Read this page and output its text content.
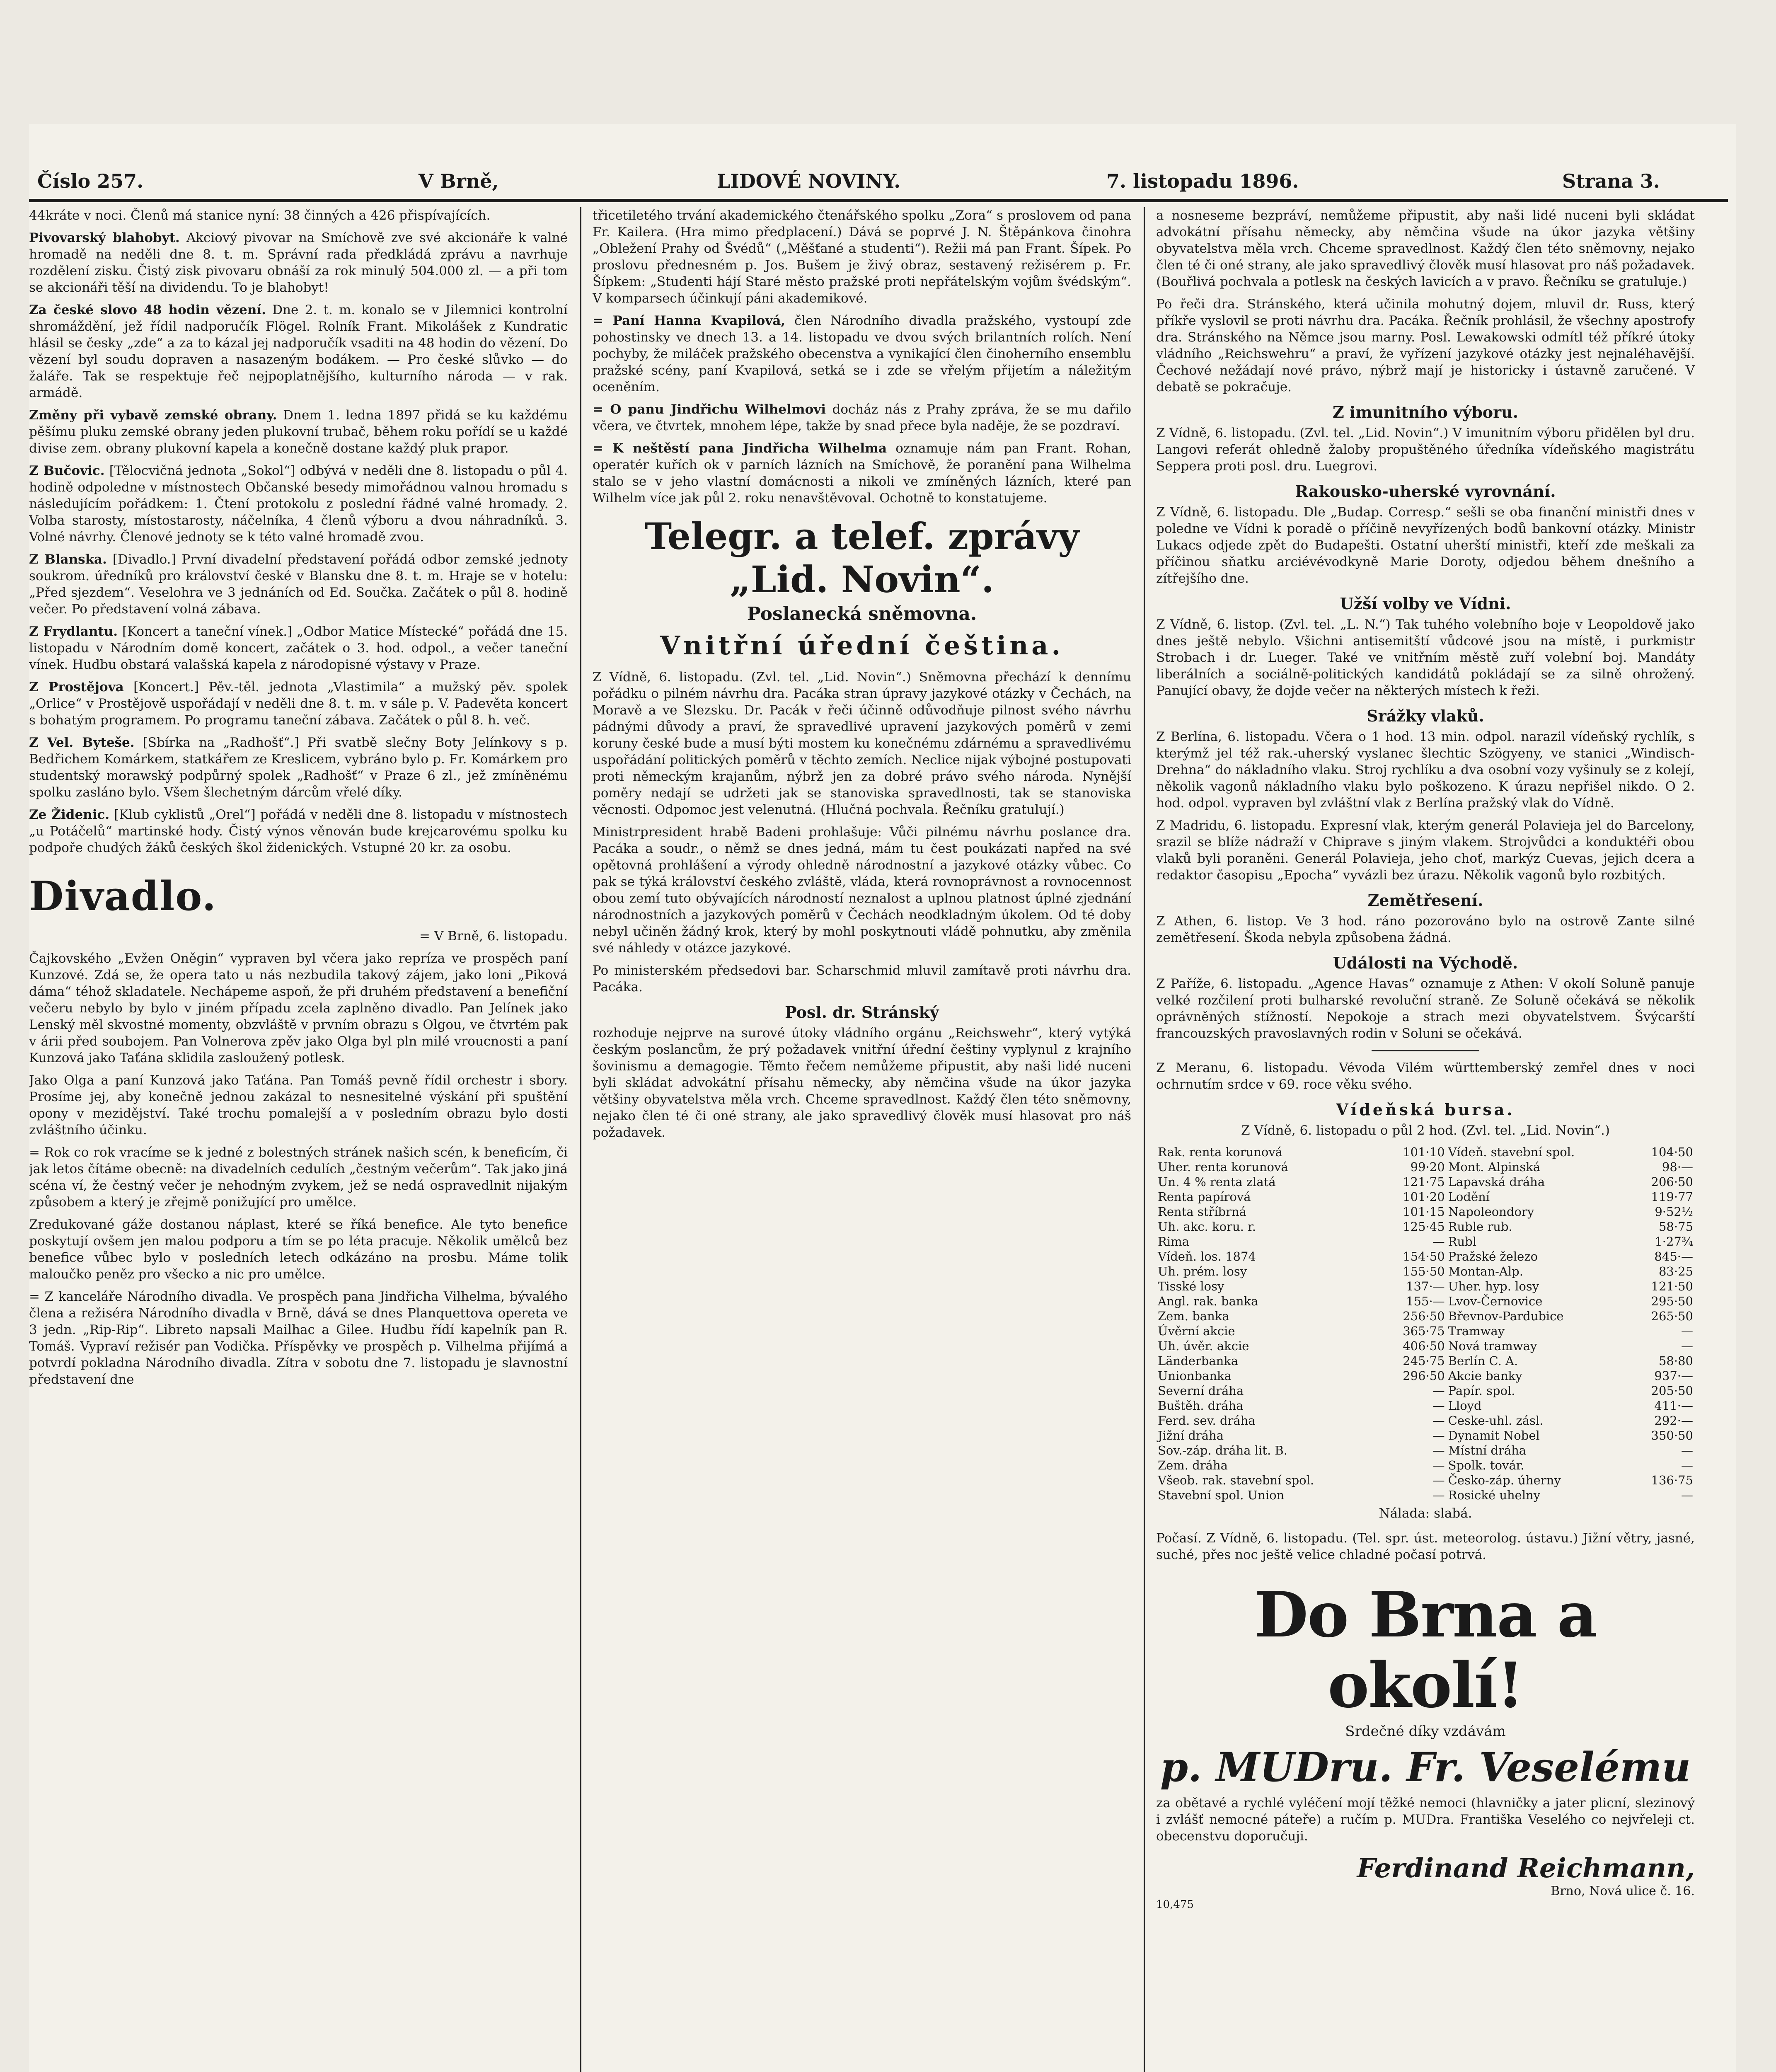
Číslo 257.	V Brně,	LIDOVÉ NOVINY.	7. listopadu 1896.	Strana 3.

44kráte v noci. Členů má stanice nyní: 38 činných a 426 přispívajících.

Pivovarský blahobyt. Akciový pivovar na Smíchově zve své akcionáře k valné hromadě na neděli dne 8. t. m. Správní rada předkládá zprávu a navrhuje rozdělení zisku. Čistý zisk pivovaru obnáší za rok minulý 504.000 zl. — a při tom se akcionáři těší na dividendu. To je blahobyt!

Za české slovo 48 hodin vězení. Dne 2. t. m. konalo se v Jilemnici kontrolní shromáždění, jež řídil nadporučík Flögel. Rolník Frant. Mikolášek z Kundratic hlásil se česky „zde“ a za to kázal jej nadporučík vsaditi na 48 hodin do vězení. Do vězení byl soudu dopraven a nasazeným bodákem. — Pro české slůvko — do žaláře. Tak se respektuje řeč nejpoplatnějšího, kulturního národa — v rak. armádě.

Změny při vybavě zemské obrany. Dnem 1. ledna 1897 přidá se ku každému pěšímu pluku zemské obrany jeden plukovní trubač, během roku pořídí se u každé divise zem. obrany plukovní kapela a konečně dostane každý pluk prapor.

Z Bučovic. [Tělocvičná jednota „Sokol“] odbývá v neděli dne 8. listopadu o půl 4. hodině odpoledne v místnostech Občanské besedy mimořádnou valnou hromadu s následujícím pořádkem: 1. Čtení protokolu z poslední řádné valné hromady. 2. Volba starosty, místostarosty, náčelníka, 4 členů výboru a dvou náhradníků. 3. Volné návrhy. Členové jednoty se k této valné hromadě zvou.

Z Blanska. [Divadlo.] První divadelní představení pořádá odbor zemské jednoty soukrom. úředníků pro království české v Blansku dne 8. t. m. Hraje se v hotelu: „Před sjezdem“. Veselohra ve 3 jednáních od Ed. Součka. Začátek o půl 8. hodině večer. Po představení volná zábava.

Z Frydlantu. [Koncert a taneční vínek.] „Odbor Matice Místecké“ pořádá dne 15. listopadu v Národním domě koncert, začátek o 3. hod. odpol., a večer taneční vínek. Hudbu obstará valašská kapela z národopisné výstavy v Praze.

Z Prostějova [Koncert.] Pěv.-těl. jednota „Vlastimila“ a mužský pěv. spolek „Orlice“ v Prostějově uspořádají v neděli dne 8. t. m. v sále p. V. Padevěta koncert s bohatým programem. Po programu taneční zábava. Začátek o půl 8. h. več.

Z Vel. Byteše. [Sbírka na „Radhošť“.] Při svatbě slečny Boty Jelínkovy s p. Bedřichem Komárkem, statkářem ze Kreslicem, vybráno bylo p. Fr. Komárkem pro studentský morawský podpůrný spolek „Radhošť“ v Praze 6 zl., jež zmíněnému spolku zasláno bylo. Všem šlechetným dárcům vřelé díky.

Ze Židenic. [Klub cyklistů „Orel“] pořádá v neděli dne 8. listopadu v místnostech „u Potáčelů“ martinské hody. Čistý výnos věnován bude krejcarovému spolku ku podpoře chudých žáků českých škol židenických. Vstupné 20 kr. za osobu.

Divadlo.

= V Brně, 6. listopadu.

Čajkovského „Evžen Oněgin“ vypraven byl včera jako repríza ve prospěch paní Kunzové. Zdá se, že opera tato u nás nezbudila takový zájem, jako loni „Piková dáma“ téhož skladatele. Nechápeme aspoň, že při druhém představení a benefiční večeru nebylo by bylo v jiném případu zcela zaplněno divadlo. Pan Jelínek jako Lenský měl skvostné momenty, obzvláště v prvním obrazu s Olgou, ve čtvrtém pak v árii před soubojem. Pan Volnerova zpěv jako Olga byl pln milé vroucnosti a paní Kunzová jako Taťána sklidila zasloužený potlesk.

Jako Olga a paní Kunzová jako Taťána. Pan Tomáš pevně řídil orchestr i sbory. Prosíme jej, aby konečně jednou zakázal to nesnesitelné výskání při spuštění opony v mezidějství. Také trochu pomalejší a v posledním obrazu bylo dosti zvláštního účinku.

= Rok co rok vracíme se k jedné z bolestných stránek našich scén, k beneficím, či jak letos čítáme obecně: na divadelních cedulích „čestným večerům“. Tak jako jiná scéna ví, že čestný večer je nehodným zvykem, jež se nedá ospravedlnit nijakým způsobem a který je zřejmě ponižující pro umělce.

Zredukované gáže dostanou náplast, které se říká benefice. Ale tyto benefice poskytují ovšem jen malou podporu a tím se po léta pracuje. Několik umělců bez benefice vůbec bylo v posledních letech odkázáno na prosbu. Máme tolik maloučko peněz pro všecko a nic pro umělce.

= Z kanceláře Národního divadla. Ve prospěch pana Jindřicha Vilhelma, bývalého člena a režiséra Národního divadla v Brně, dává se dnes Planquettova opereta ve 3 jedn. „Rip-Rip“. Libreto napsali Mailhac a Gilee. Hudbu řídí kapelník pan R. Tomáš. Vypraví režisér pan Vodička. Příspěvky ve prospěch p. Vilhelma přijímá a potvrdí pokladna Národního divadla. Zítra v sobotu dne 7. listopadu je slavnostní představení dne

třicetiletého trvání akademického čtenářského spolku „Zora“ s proslovem od pana Fr. Kailera. (Hra mimo předplacení.) Dává se poprvé J. N. Štěpánkova činohra „Obležení Prahy od Švédů“ („Měšťané a studenti“). Režii má pan Frant. Šípek. Po proslovu přednesném p. Jos. Bušem je živý obraz, sestavený režisérem p. Fr. Šípkem: „Studenti hájí Staré město pražské proti nepřátelským vojům švédským“. V komparsech účinkují páni akademikové.

= Paní Hanna Kvapilová, člen Národního divadla pražského, vystoupí zde pohostinsky ve dnech 13. a 14. listopadu ve dvou svých brilantních rolích. Není pochyby, že miláček pražského obecenstva a vynikající člen činoherního ensemblu pražské scény, paní Kvapilová, setká se i zde se vřelým přijetím a náležitým oceněním.

= O panu Jindřichu Wilhelmovi docház nás z Prahy zpráva, že se mu dařilo včera, ve čtvrtek, mnohem lépe, takže by snad přece byla naděje, že se pozdraví.

= K neštěstí pana Jindřicha Wilhelma oznamuje nám pan Frant. Rohan, operatér kuřích ok v parních lázních na Smíchově, že poranění pana Wilhelma stalo se v jeho vlastní domácnosti a nikoli ve zmíněných lázních, které pan Wilhelm více jak půl 2. roku nenavštěvoval. Ochotně to konstatujeme.

Telegr. a telef. zprávy „Lid. Novin“.
Poslanecká sněmovna.
Vnitřní úřední čeština.

Z Vídně, 6. listopadu. (Zvl. tel. „Lid. Novin“.) Sněmovna přechází k dennímu pořádku o pilném návrhu dra. Pacáka stran úpravy jazykové otázky v Čechách, na Moravě a ve Slezsku. Dr. Pacák v řeči účinně odůvodňuje pilnost svého návrhu pádnými důvody a praví, že spravedlivé upravení jazykových poměrů v zemi koruny české bude a musí býti mostem ku konečnému zdárnému a spravedlivému uspořádání politických poměrů v těchto zemích. Neclice nijak výbojné postupovati proti německým krajanům, nýbrž jen za dobré právo svého národa. Nynější poměry nedají se udržeti jak se stanoviska spravedlnosti, tak se stanoviska věcnosti. Odpomoc jest velenutná. (Hlučná pochvala. Řečníku gratulují.)

Ministrpresident hrabě Badeni prohlašuje: Vůči pilnému návrhu poslance dra. Pacáka a soudr., o němž se dnes jedná, mám tu čest poukázati napřed na své opětovná prohlášení a výrody ohledně národnostní a jazykové otázky vůbec. Co pak se týká království českého zvláště, vláda, která rovnoprávnost a rovnocennost obou zemí tuto obývajících národností neznalost a uplnou platnost úplné zjednání národnostních a jazykových poměrů v Čechách neodkladným úkolem. Od té doby nebyl učiněn žádný krok, který by mohl poskytnouti vládě pohnutku, aby změnila své náhledy v otázce jazykové.

Po ministerském předsedovi bar. Scharschmid mluvil zamítavě proti návrhu dra. Pacáka.

Posl. dr. Stránský

rozhoduje nejprve na surové útoky vládního orgánu „Reichswehr“, který vytýká českým poslancům, že prý požadavek vnitřní úřední češtiny vyplynul z krajního šovinismu a demagogie. Těmto řečem nemůžeme připustit, aby naši lidé nuceni byli skládat advokátní přísahu německy, aby němčina všude na úkor jazyka většiny obyvatelstva měla vrch. Chceme spravedlnost. Každý člen této sněmovny, nejako člen té či oné strany, ale jako spravedlivý člověk musí hlasovat pro náš požadavek.

a nosneseme bezpráví, nemůžeme připustit, aby naši lidé nuceni byli skládat advokátní přísahu německy, aby němčina všude na úkor jazyka většiny obyvatelstva měla vrch. Chceme spravedlnost. Každý člen této sněmovny, nejako člen té či oné strany, ale jako spravedlivý člověk musí hlasovat pro náš požadavek. (Bouřlivá pochvala a potlesk na českých lavicích a v pravo. Řečníku se gratuluje.)

Po řeči dra. Stránského, která učinila mohutný dojem, mluvil dr. Russ, který příkře vyslovil se proti návrhu dra. Pacáka. Řečník prohlásil, že všechny apostrofy dra. Stránského na Němce jsou marny. Posl. Lewakowski odmítl též příkré útoky vládního „Reichswehru“ a praví, že vyřízení jazykové otázky jest nejnaléhavější. Čechové nežádají nové právo, nýbrž mají je historicky i ústavně zaručené. V debatě se pokračuje.

Z imunitního výboru.

Z Vídně, 6. listopadu. (Zvl. tel. „Lid. Novin“.) V imunitním výboru přidělen byl dru. Langovi referát ohledně žaloby propuštěného úředníka vídeňského magistrátu Seppera proti posl. dru. Luegrovi.

Rakousko-uherské vyrovnání.

Z Vídně, 6. listopadu. Dle „Budap. Corresp.“ sešli se oba finanční ministři dnes v poledne ve Vídni k poradě o příčině nevyřízených bodů bankovní otázky. Ministr Lukacs odjede zpět do Budapešti. Ostatní uherští ministři, kteří zde meškali za příčinou sňatku arciévévodkyně Marie Doroty, odjedou během dnešního a zítřejšího dne.

Užší volby ve Vídni.

Z Vídně, 6. listop. (Zvl. tel. „L. N.“) Tak tuhého volebního boje v Leopoldově jako dnes ještě nebylo. Všichni antisemitští vůdcové jsou na místě, i purkmistr Strobach i dr. Lueger. Také ve vnitřním městě zuří volební boj. Mandáty liberálních a sociálně-politických kandidátů pokládají se za silně ohrožený. Panující obavy, že dojde večer na některých místech k řeži.

Srážky vlaků.

Z Berlína, 6. listopadu. Včera o 1 hod. 13 min. odpol. narazil vídeňský rychlík, s kterýmž jel též rak.-uherský vyslanec šlechtic Szögyeny, ve stanici „Windisch-Drehna“ do nákladního vlaku. Stroj rychlíku a dva osobní vozy vyšinuly se z kolejí, několik vagonů nákladního vlaku bylo poškozeno. K úrazu nepřišel nikdo. O 2. hod. odpol. vypraven byl zvláštní vlak z Berlína pražský vlak do Vídně.

Z Madridu, 6. listopadu. Expresní vlak, kterým generál Polavieja jel do Barcelony, srazil se blíže nádraží v Chiprave s jiným vlakem. Strojvůdci a konduktéři obou vlaků byli poraněni. Generál Polavieja, jeho choť, markýz Cuevas, jejich dcera a redaktor časopisu „Epocha“ vyvázli bez úrazu. Několik vagonů bylo rozbitých.

Zemětřesení.

Z Athen, 6. listop. Ve 3 hod. ráno pozorováno bylo na ostrově Zante silné zemětřesení. Škoda nebyla způsobena žádná.

Události na Východě.

Z Paříže, 6. listopadu. „Agence Havas“ oznamuje z Athen: V okolí Soluně panuje velké rozčilení proti bulharské revoluční straně. Ze Soluně očekává se několik oprávněných stížností. Nepokoje a strach mezi obyvatelstvem. Švýcarští francouzských pravoslavných rodin v Soluni se očekává.

Z Meranu, 6. listopadu. Vévoda Vilém württemberský zemřel dnes v noci ochrnutím srdce v 69. roce věku svého.

Vídeňská bursa.

Z Vídně, 6. listopadu o půl 2 hod. (Zvl. tel. „Lid. Novin“.)

Rak. renta korunová	101·10	Vídeň. stavební spol.	104·50
Uher. renta korunová	99·20	Mont. Alpinská	98·—
Un. 4 % renta zlatá	121·75	Lapavská dráha	206·50
Renta papírová	101·20	Lodění	119·77
Renta stříbrná	101·15	Napoleondory	9·52½
Uh. akc. koru. r.	125·45	Ruble rub.	58·75
Rima	—	Rubl	1·27¾
Vídeň. los. 1874	154·50	Pražské železo	845·—
Uh. prém. losy	155·50	Montan-Alp.	83·25
Tisské losy	137·—	Uher. hyp. losy	121·50
Angl. rak. banka	155·—	Lvov-Černovice	295·50
Zem. banka	256·50	Břevnov-Pardubice	265·50
Úvěrní akcie	365·75	Tramway	—
Uh. úvěr. akcie	406·50	Nová tramway	—
Länderbanka	245·75	Berlín C. A.	58·80
Unionbanka	296·50	Akcie banky	937·—
Severní dráha	—	Papír. spol.	205·50
Buštěh. dráha	—	Lloyd	411·—
Ferd. sev. dráha	—	Ceske-uhl. zásl.	292·—
Jižní dráha	—	Dynamit Nobel	350·50
Sov.-záp. dráha lit. B.	—	Místní dráha	—
Zem. dráha	—	Spolk. továr.	—
Všeob. rak. stavební spol.	—	Česko-záp. úherny	136·75
Stavební spol. Union	—	Rosické uhelny	—

Nálada: slabá.

Počasí. Z Vídně, 6. listopadu. (Tel. spr. úst. meteorolog. ústavu.) Jižní větry, jasné, suché, přes noc ještě velice chladné počasí potrvá.

Do Brna a okolí!
Srdečné díky vzdávám
p. MUDru. Fr. Veselému
za obětavé a rychlé vyléčení mojí těžké nemoci (hlavničky a jater plicní, slezinový i zvlášť nemocné páteře) a ručím p. MUDra. Františka Veselého co nejvřeleji ct. obecenstvu doporučuji.
Ferdinand Reichmann,
Brno, Nová ulice č. 16.
10,475
